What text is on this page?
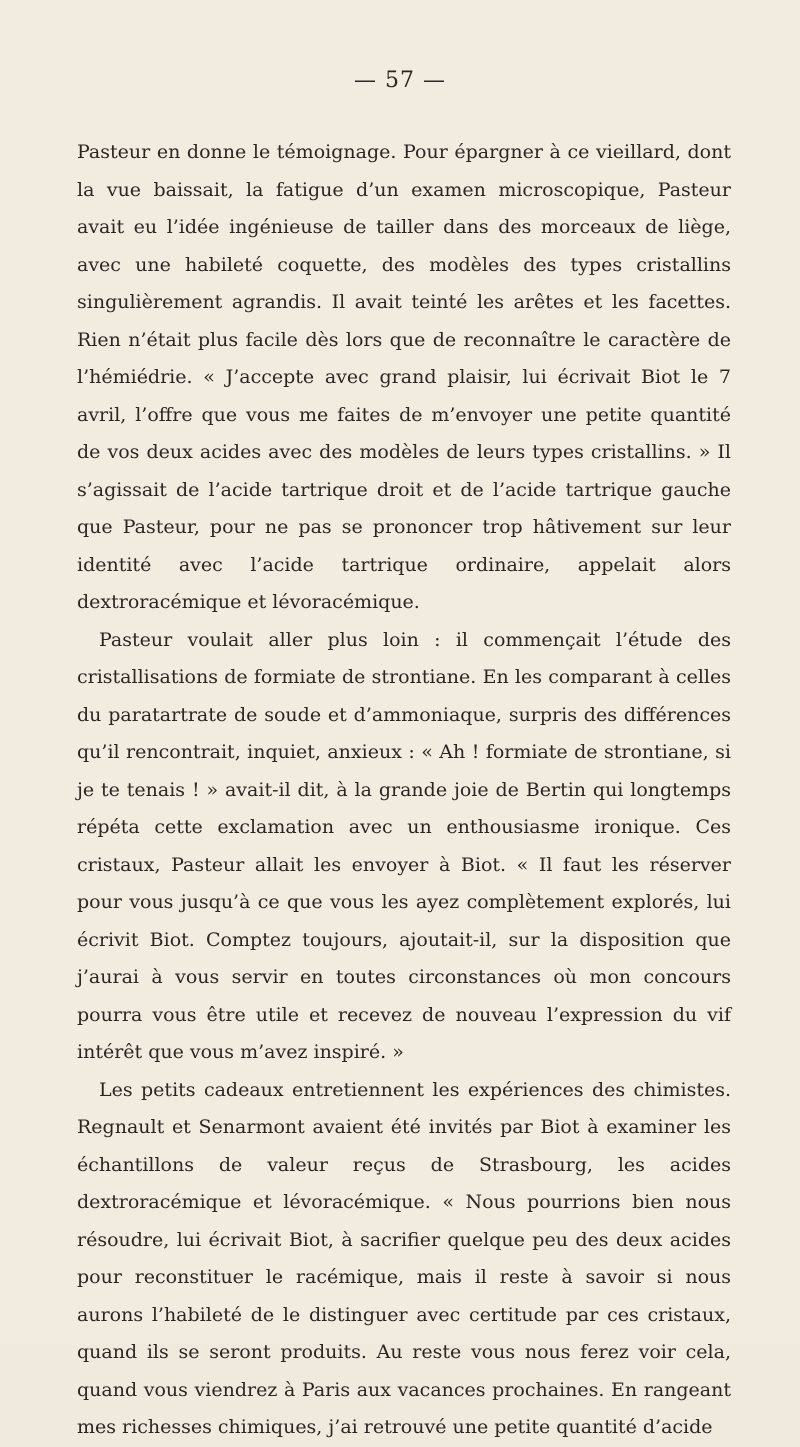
— 57 —

Pasteur en donne le témoignage. Pour épargner à ce vieillard, dont la vue baissait, la fatigue d’un examen microscopique, Pasteur avait eu l’idée ingénieuse de tailler dans des morceaux de liège, avec une habileté coquette, des modèles des types cristallins singulièrement agrandis. Il avait teinté les arêtes et les facettes. Rien n’était plus facile dès lors que de reconnaître le caractère de l’hémiédrie. « J’accepte avec grand plaisir, lui écrivait Biot le 7 avril, l’offre que vous me faites de m’envoyer une petite quantité de vos deux acides avec des modèles de leurs types cristallins. » Il s’agissait de l’acide tartrique droit et de l’acide tartrique gauche que Pasteur, pour ne pas se prononcer trop hâtivement sur leur identité avec l’acide tartrique ordinaire, appelait alors dextroracémique et lévoracémique.

Pasteur voulait aller plus loin : il commençait l’étude des cristallisations de formiate de strontiane. En les comparant à celles du paratartrate de soude et d’ammoniaque, surpris des différences qu’il rencontrait, inquiet, anxieux : « Ah ! formiate de strontiane, si je te tenais ! » avait-il dit, à la grande joie de Bertin qui longtemps répéta cette exclamation avec un enthousiasme ironique. Ces cristaux, Pasteur allait les envoyer à Biot. « Il faut les réserver pour vous jusqu’à ce que vous les ayez complètement explorés, lui écrivit Biot. Comptez toujours, ajoutait-il, sur la disposition que j’aurai à vous servir en toutes circonstances où mon concours pourra vous être utile et recevez de nouveau l’expression du vif intérêt que vous m’avez inspiré. »

Les petits cadeaux entretiennent les expériences des chimistes. Regnault et Senarmont avaient été invités par Biot à examiner les échantillons de valeur reçus de Strasbourg, les acides dextroracémique et lévoracémique. « Nous pourrions bien nous résoudre, lui écrivait Biot, à sacrifier quelque peu des deux acides pour reconstituer le racémique, mais il reste à savoir si nous aurons l’habileté de le distinguer avec certitude par ces cristaux, quand ils se seront produits. Au reste vous nous ferez voir cela, quand vous viendrez à Paris aux vacances prochaines. En rangeant mes richesses chimiques, j’ai retrouvé une petite quantité d’acide
